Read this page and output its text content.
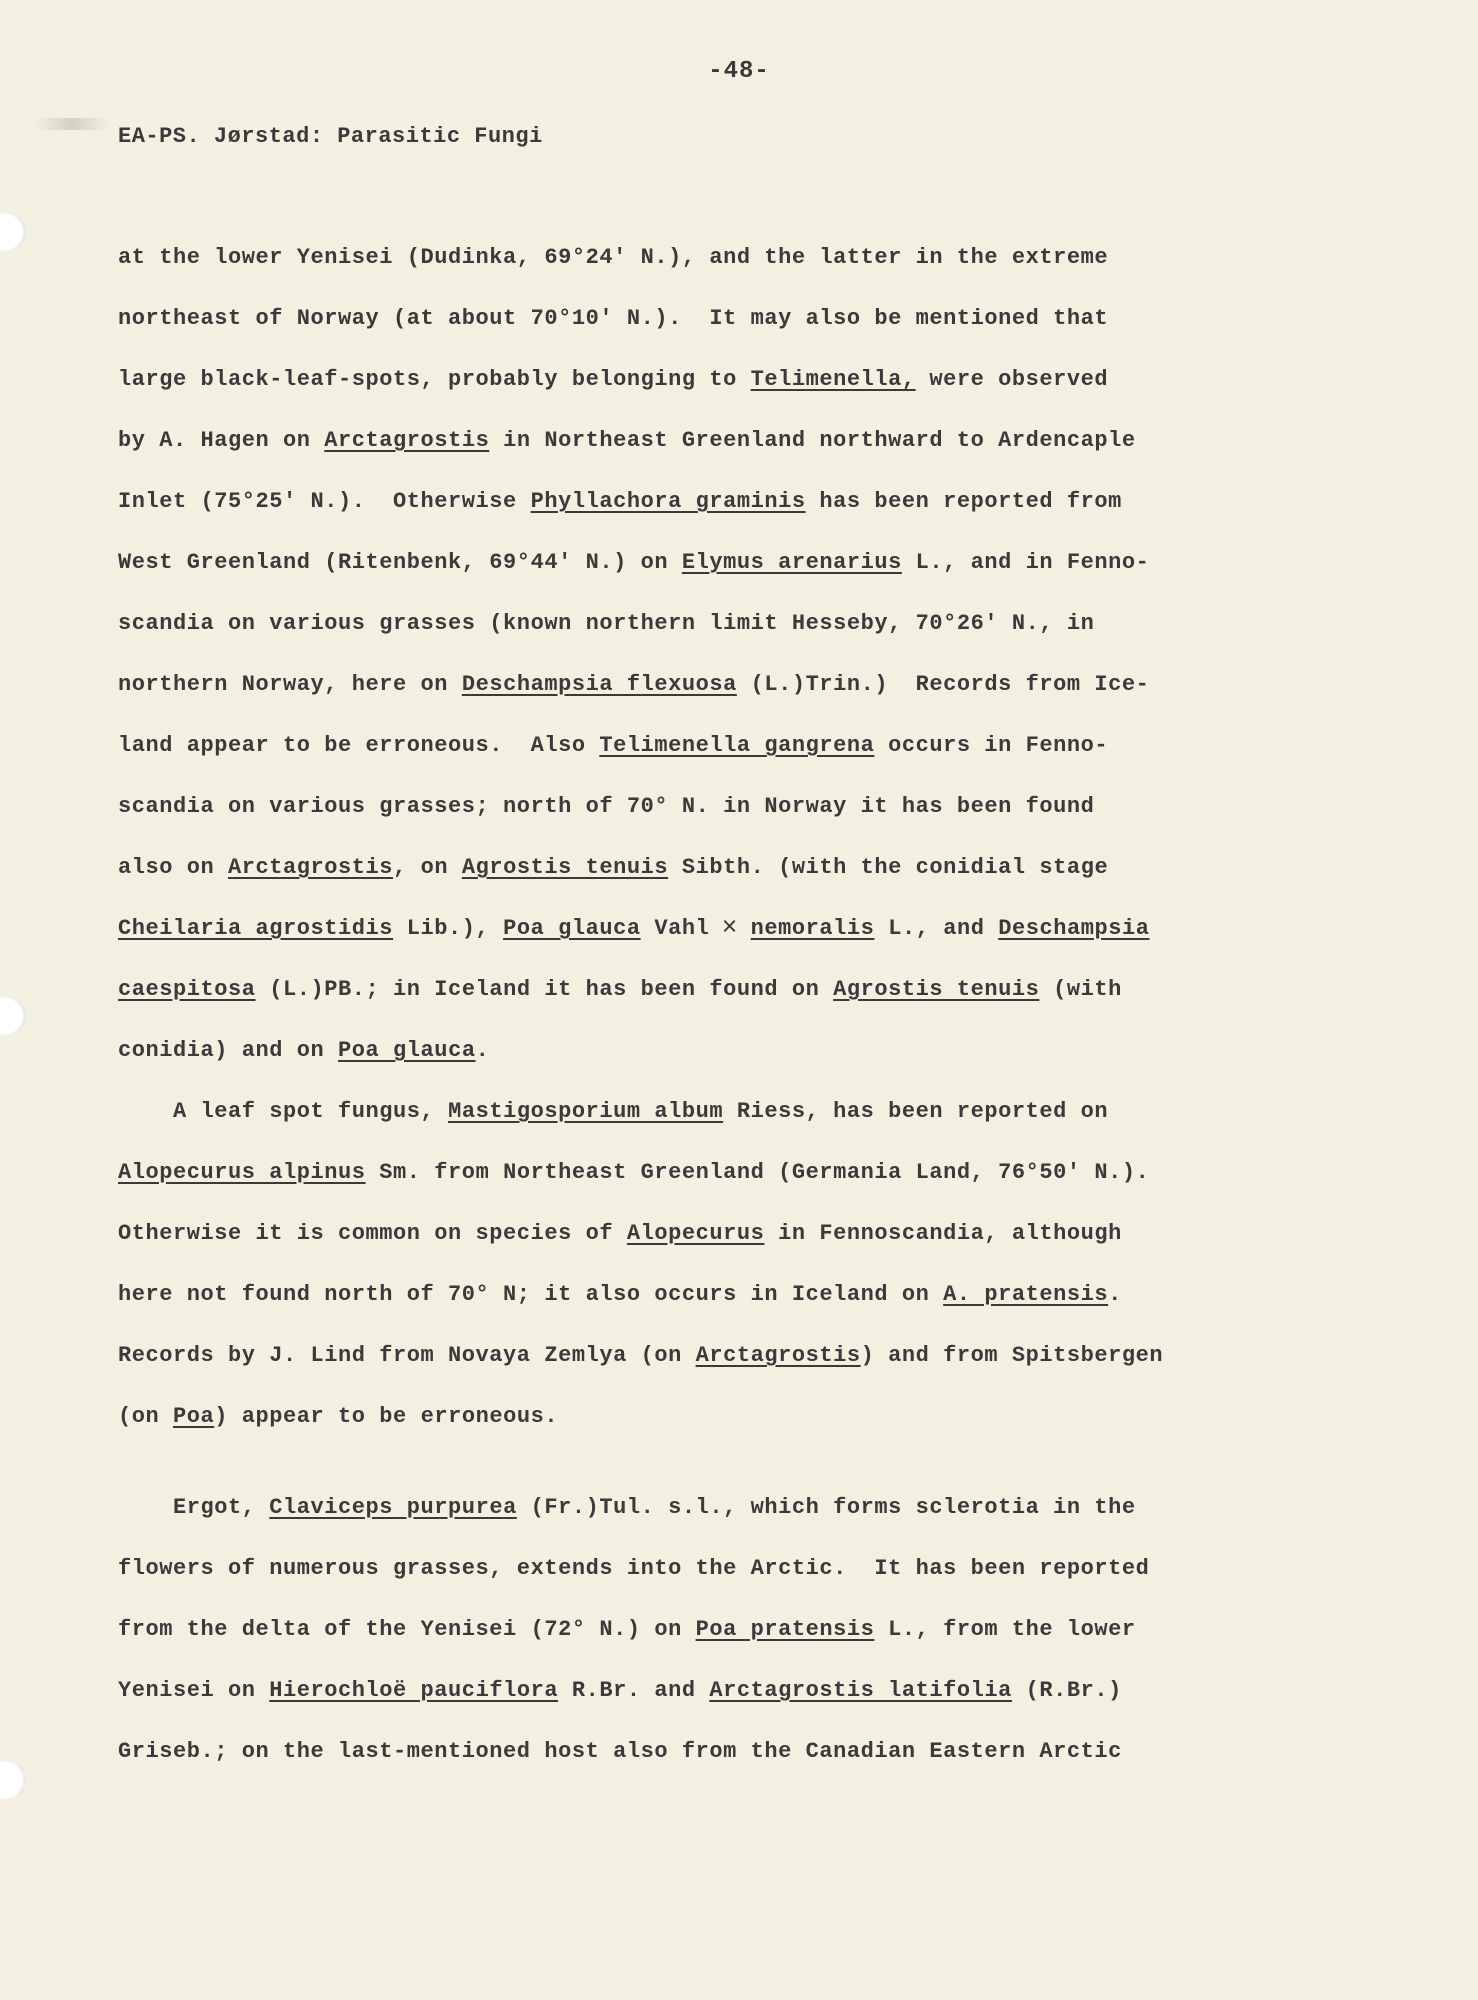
-48-
EA-PS. Jørstad: Parasitic Fungi
at the lower Yenisei (Dudinka, 69°24' N.), and the latter in the extreme
northeast of Norway (at about 70°10' N.).  It may also be mentioned that
large black-leaf-spots, probably belonging to Telimenella, were observed
by A. Hagen on Arctagrostis in Northeast Greenland northward to Ardencaple
Inlet (75°25' N.).  Otherwise Phyllachora graminis has been reported from
West Greenland (Ritenbenk, 69°44' N.) on Elymus arenarius L., and in Fenno-
scandia on various grasses (known northern limit Hesseby, 70°26' N., in
northern Norway, here on Deschampsia flexuosa (L.)Trin.)  Records from Ice-
land appear to be erroneous.  Also Telimenella gangrena occurs in Fenno-
scandia on various grasses; north of 70° N. in Norway it has been found
also on Arctagrostis, on Agrostis tenuis Sibth. (with the conidial stage
Cheilaria agrostidis Lib.), Poa glauca Vahl × nemoralis L., and Deschampsia
caespitosa (L.)PB.; in Iceland it has been found on Agrostis tenuis (with
conidia) and on Poa glauca.
A leaf spot fungus, Mastigosporium album Riess, has been reported on
Alopecurus alpinus Sm. from Northeast Greenland (Germania Land, 76°50' N.).
Otherwise it is common on species of Alopecurus in Fennoscandia, although
here not found north of 70° N; it also occurs in Iceland on A. pratensis.
Records by J. Lind from Novaya Zemlya (on Arctagrostis) and from Spitsbergen
(on Poa) appear to be erroneous.
Ergot, Claviceps purpurea (Fr.)Tul. s.l., which forms sclerotia in the
flowers of numerous grasses, extends into the Arctic.  It has been reported
from the delta of the Yenisei (72° N.) on Poa pratensis L., from the lower
Yenisei on Hierochloë pauciflora R.Br. and Arctagrostis latifolia (R.Br.)
Griseb.; on the last-mentioned host also from the Canadian Eastern Arctic
